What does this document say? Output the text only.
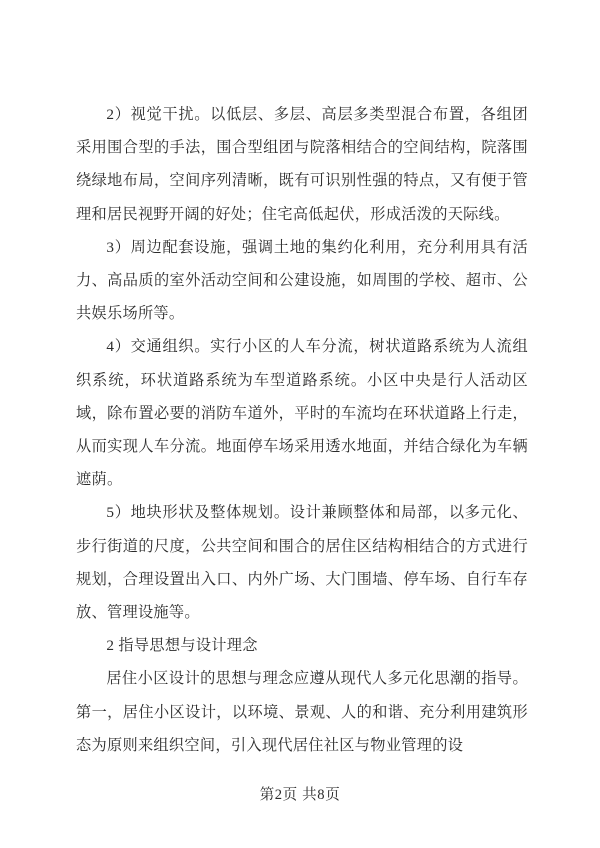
2）视觉干扰。以低层、多层、高层多类型混合布置，各组团采用围合型的手法，围合型组团与院落相结合的空间结构，院落围绕绿地布局，空间序列清晰，既有可识别性强的特点，又有便于管理和居民视野开阔的好处；住宅高低起伏，形成活泼的天际线。

3）周边配套设施，强调土地的集约化利用，充分利用具有活力、高品质的室外活动空间和公建设施，如周围的学校、超市、公共娱乐场所等。

4）交通组织。实行小区的人车分流，树状道路系统为人流组织系统，环状道路系统为车型道路系统。小区中央是行人活动区域，除布置必要的消防车道外，平时的车流均在环状道路上行走，从而实现人车分流。地面停车场采用透水地面，并结合绿化为车辆遮荫。

5）地块形状及整体规划。设计兼顾整体和局部，以多元化、步行街道的尺度，公共空间和围合的居住区结构相结合的方式进行规划，合理设置出入口、内外广场、大门围墙、停车场、自行车存放、管理设施等。

2 指导思想与设计理念

居住小区设计的思想与理念应遵从现代人多元化思潮的指导。第一，居住小区设计，以环境、景观、人的和谐、充分利用建筑形态为原则来组织空间，引入现代居住社区与物业管理的设

第2页 共8页
